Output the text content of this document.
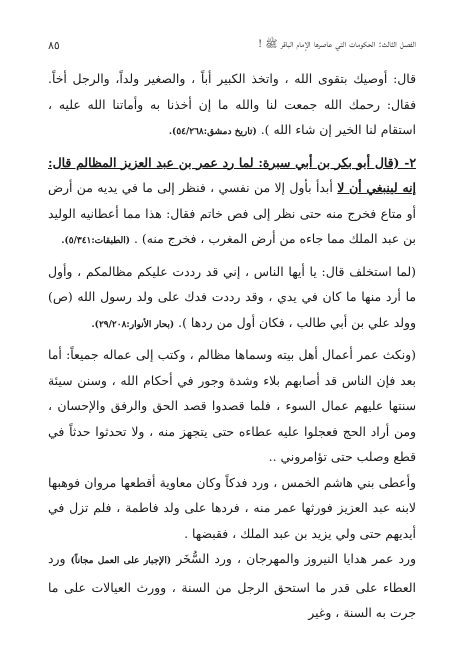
٨٥	الفصل الثالث: الحكومات التي عاصرها الإمام الباقر ﷺ !

قال: أوصيك بتقوى الله ، واتخذ الكبير أباً ، والصغير ولداً، والرجل أخاً. فقال: رحمك الله جمعت لنا والله ما إن أخذنا به وأماتنا الله عليه ، استقام لنا الخير إن شاء الله ). (تاريخ دمشق:٥٤/٢٦٨).

٢- (قال أبو بكر بن أبي سبرة: لما رد عمر بن عبد العزيز المظالم قال: إنه لينبغي أن لا أبدأ بأول إلا من نفسي ، فنظر إلى ما في يديه من أرض أو متاع فخرج منه حتى نظر إلى فص خاتم فقال: هذا مما أعطانيه الوليد بن عبد الملك مما جاءه من أرض المغرب ، فخرج منه) . (الطبقات:٥/٣٤١).

(لما استخلف قال: يا أيها الناس ، إني قد رددت عليكم مظالمكم ، وأول ما أرد منها ما كان في يدي ، وقد رددت فدك على ولد رسول الله (ص) وولد علي بن أبي طالب ، فكان أول من ردها ). (بحار الأنوار:٢٩/٢٠٨).

(ونكث عمر أعمال أهل بيته وسماها مظالم ، وكتب إلى عماله جميعاً: أما بعد فإن الناس قد أصابهم بلاء وشدة وجور في أحكام الله ، وسنن سيئة سنتها عليهم عمال السوء ، فلما قصدوا قصد الحق والرفق والإحسان ، ومن أراد الحج فعجلوا عليه عطاءه حتى يتجهز منه ، ولا تحدثوا حدثاً في قطع وصلب حتى تؤامروني ..

وأعطى بني هاشم الخمس ، ورد فدكاً وكان معاوية أقطعها مروان فوهبها لابنه عبد العزيز فورثها عمر منه ، فردها على ولد فاطمة ، فلم تزل في أيديهم حتى ولي يزيد بن عبد الملك ، فقبضها .

ورد عمر هدايا النيروز والمهرجان ، ورد السُّخَر (الإجبار على العمل مجاناً) ورد العطاء على قدر ما استحق الرجل من السنة ، وورث العيالات على ما جرت به السنة ، وغير
